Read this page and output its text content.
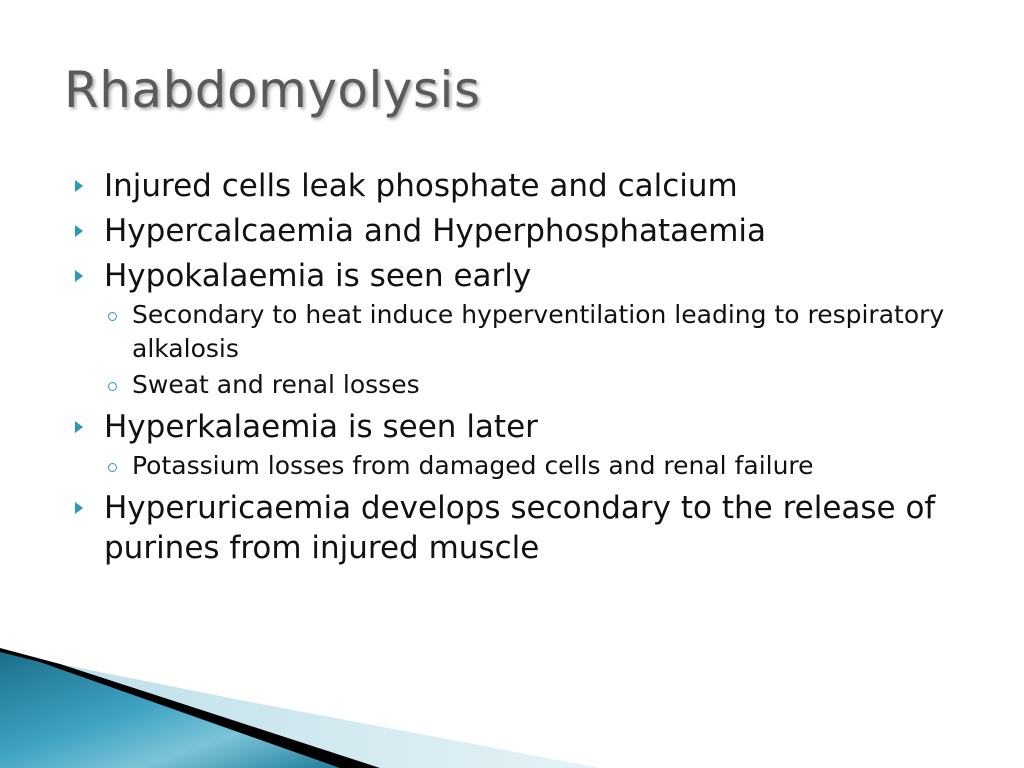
Rhabdomyolysis
Injured cells leak phosphate and calcium
Hypercalcaemia and Hyperphosphataemia
Hypokalaemia is seen early
Secondary to heat induce hyperventilation leading to respiratory alkalosis
Sweat and renal losses
Hyperkalaemia is seen later
Potassium losses from damaged cells and renal failure
Hyperuricaemia develops secondary to the release of purines from injured muscle
